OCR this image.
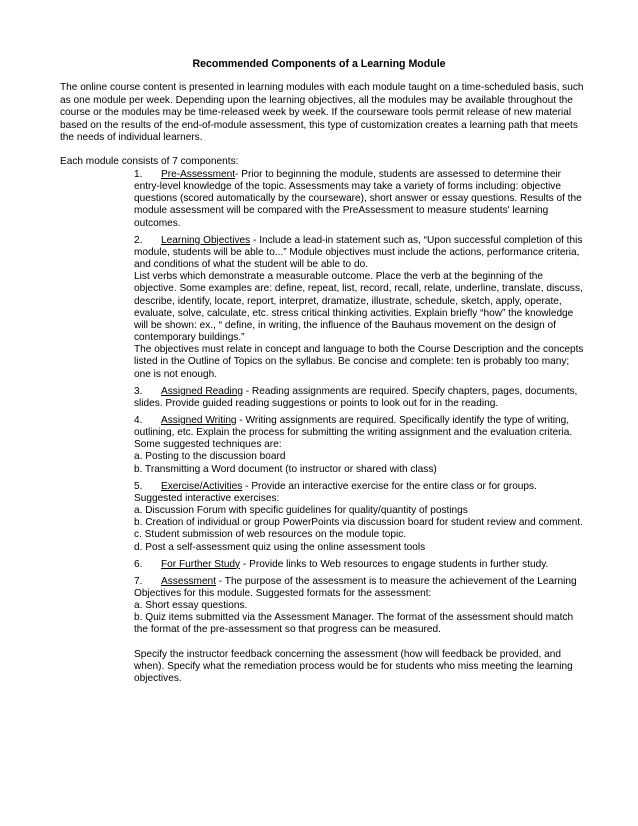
Recommended Components of a Learning Module
The online course content is presented in learning modules with each module taught on a time-scheduled basis, such as one module per week. Depending upon the learning objectives, all the modules may be available throughout the course or the modules may be time-released week by week. If the courseware tools permit release of new material based on the results of the end-of-module assessment, this type of customization creates a learning path that meets the needs of individual learners.
Each module consists of 7 components:

1. Pre-Assessment- Prior to beginning the module, students are assessed to determine their entry-level knowledge of the topic. Assessments may take a variety of forms including: objective questions (scored automatically by the courseware), short answer or essay questions. Results of the module assessment will be compared with the PreAssessment to measure students' learning outcomes.

2. Learning Objectives - Include a lead-in statement such as, “Upon successful completion of this module, students will be able to...” Module objectives must include the actions, performance criteria, and conditions of what the student will be able to do.

List verbs which demonstrate a measurable outcome. Place the verb at the beginning of the objective. Some examples are: define, repeat, list, record, recall, relate, underline, translate, discuss, describe, identify, locate, report, interpret, dramatize, illustrate, schedule, sketch, apply, operate, evaluate, solve, calculate, etc. stress critical thinking activities. Explain briefly “how” the knowledge will be shown: ex., “ define, in writing, the influence of the Bauhaus movement on the design of contemporary buildings.”

The objectives must relate in concept and language to both the Course Description and the concepts listed in the Outline of Topics on the syllabus. Be concise and complete: ten is probably too many; one is not enough.

3. Assigned Reading - Reading assignments are required. Specify chapters, pages, documents, slides. Provide guided reading suggestions or points to look out for in the reading.

4. Assigned Writing - Writing assignments are required. Specifically identify the type of writing, outlining, etc. Explain the process for submitting the writing assignment and the evaluation criteria. Some suggested techniques are:

a. Posting to the discussion board

b. Transmitting a Word document (to instructor or shared with class)

5. Exercise/Activities - Provide an interactive exercise for the entire class or for groups. Suggested interactive exercises:

a. Discussion Forum with specific guidelines for quality/quantity of postings

b. Creation of individual or group PowerPoints via discussion board for student review and comment.

c. Student submission of web resources on the module topic.

d. Post a self-assessment quiz using the online assessment tools

6. For Further Study - Provide links to Web resources to engage students in further study.

7. Assessment - The purpose of the assessment is to measure the achievement of the Learning Objectives for this module. Suggested formats for the assessment:

a. Short essay questions.

b. Quiz items submitted via the Assessment Manager. The format of the assessment should match the format of the pre-assessment so that progress can be measured.

Specify the instructor feedback concerning the assessment (how will feedback be provided, and when). Specify what the remediation process would be for students who miss meeting the learning objectives.
